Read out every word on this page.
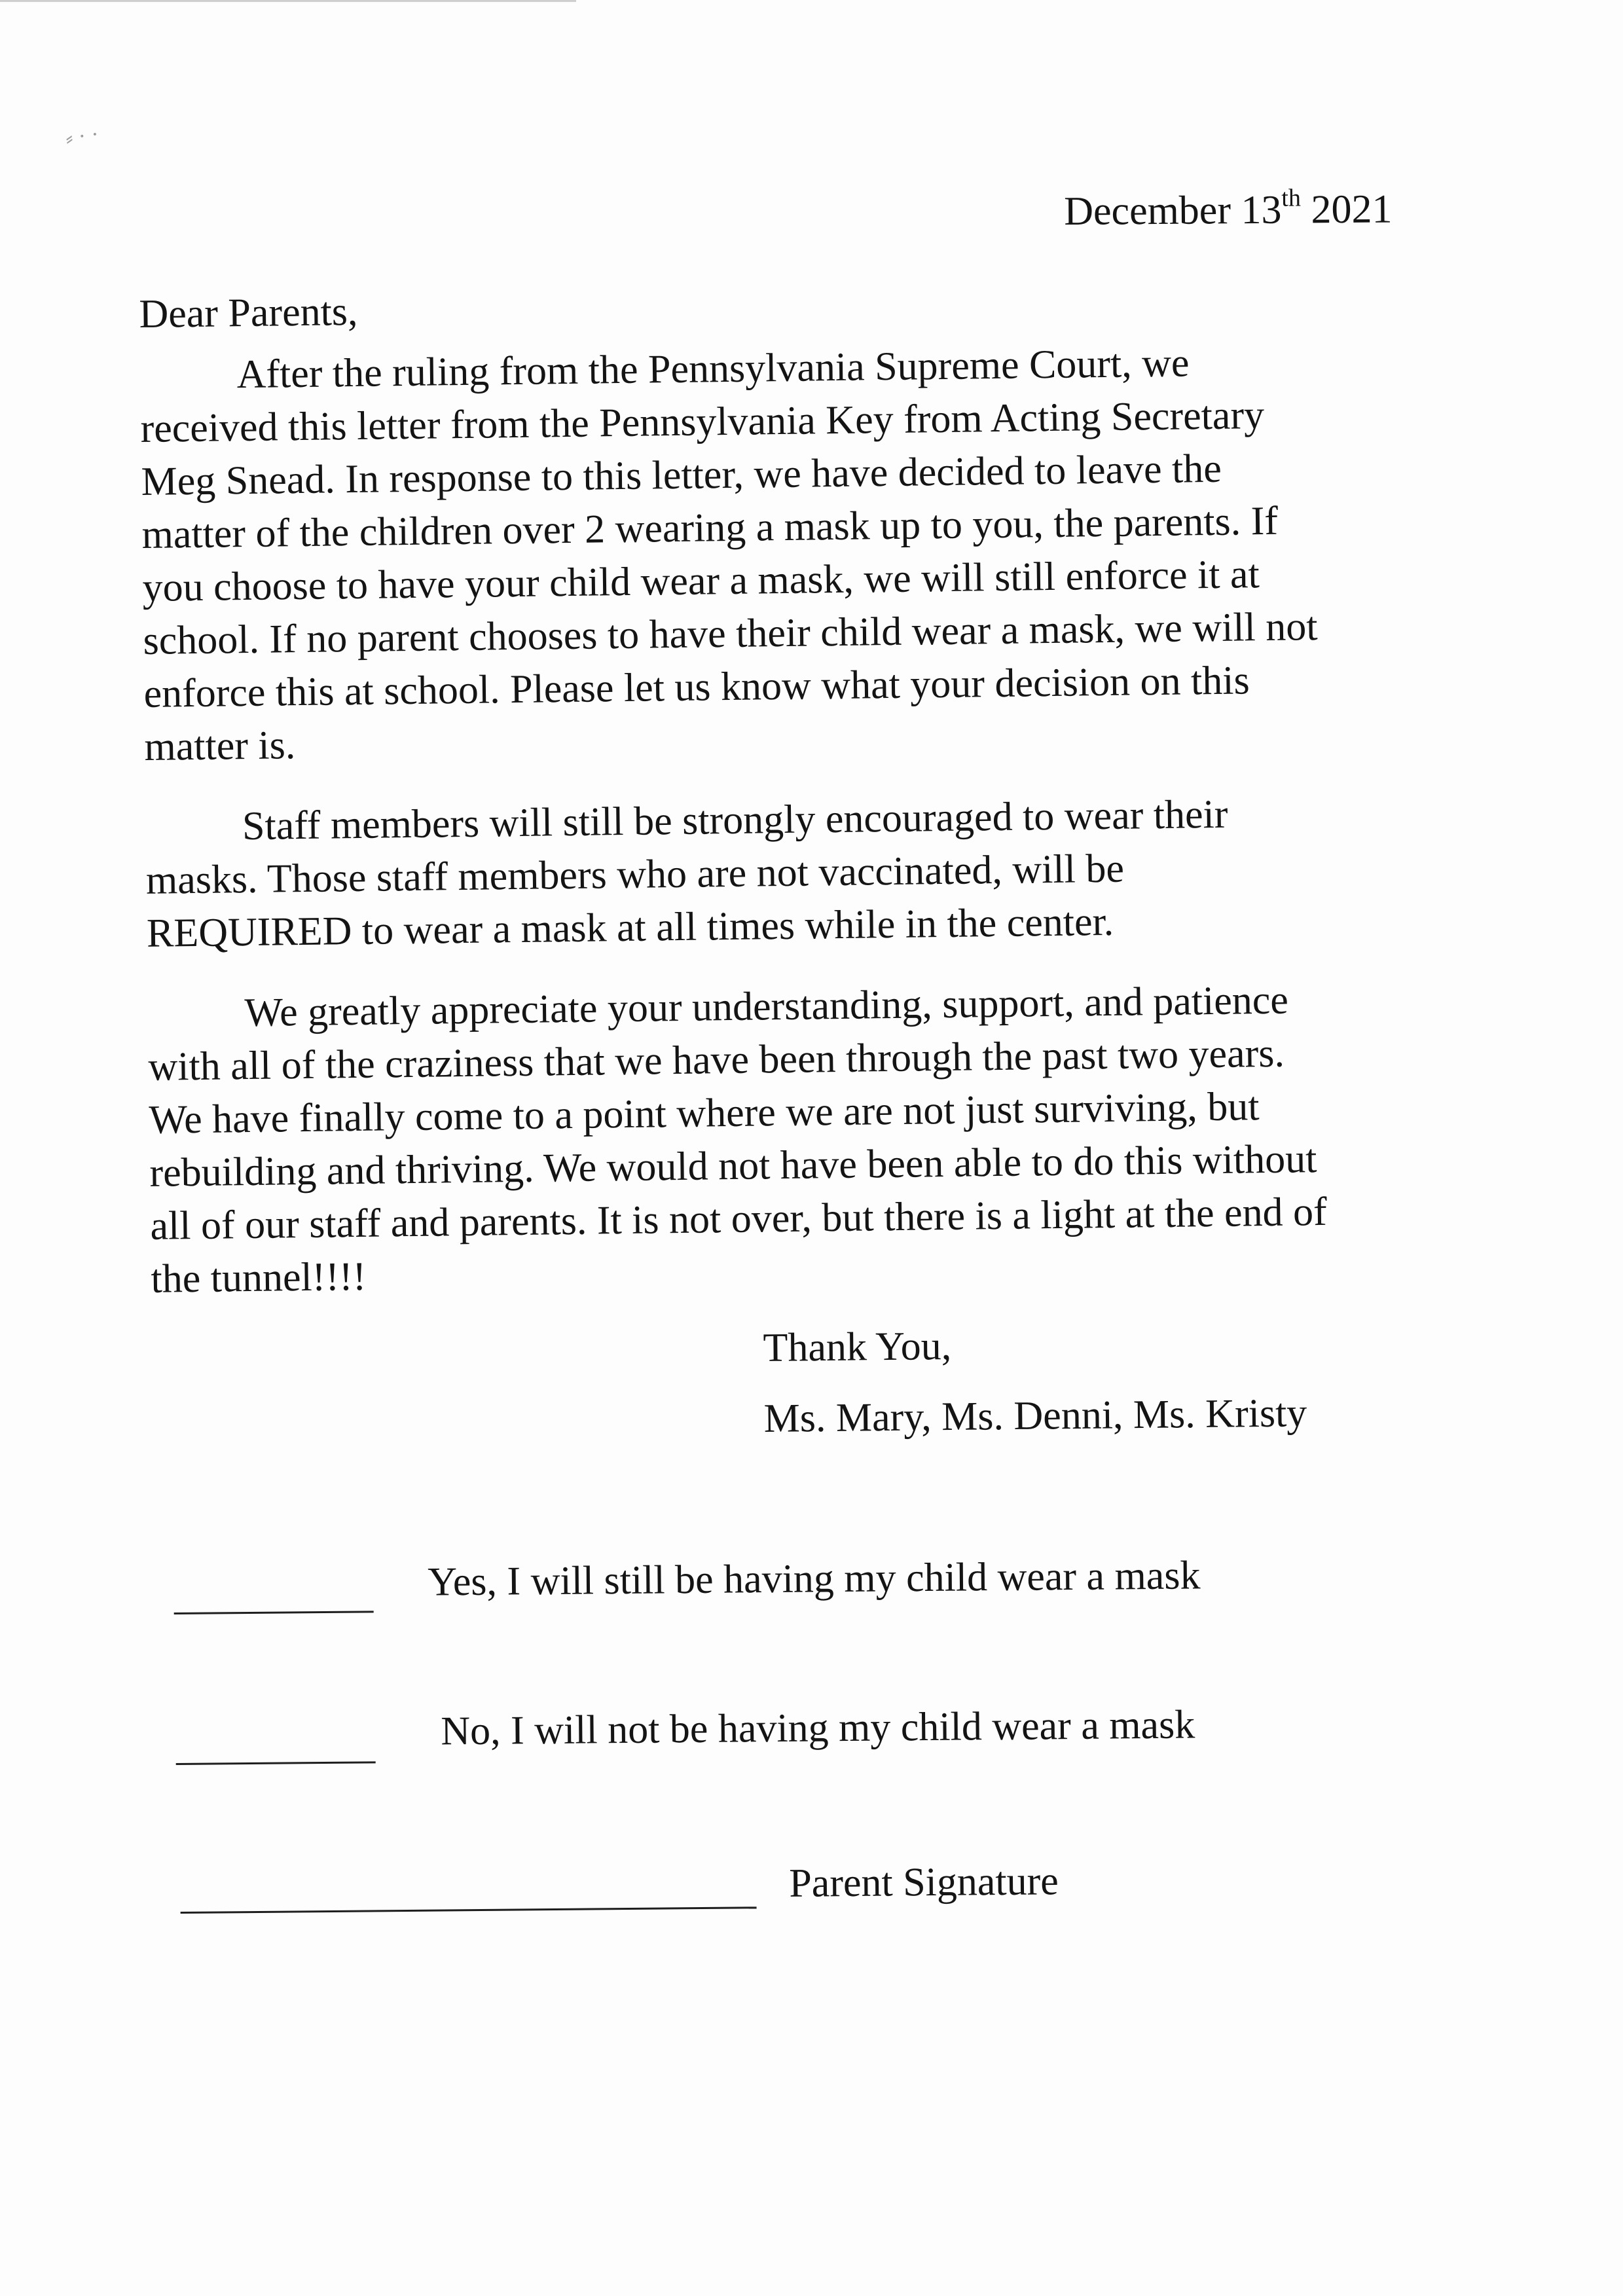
⸗ · ·
December 13th 2021
Dear Parents,
After the ruling from the Pennsylvania Supreme Court, we
received this letter from the Pennsylvania Key from Acting Secretary
Meg Snead. In response to this letter, we have decided to leave the
matter of the children over 2 wearing a mask up to you, the parents. If
you choose to have your child wear a mask, we will still enforce it at
school. If no parent chooses to have their child wear a mask, we will not
enforce this at school. Please let us know what your decision on this
matter is.
Staff members will still be strongly encouraged to wear their
masks. Those staff members who are not vaccinated, will be
REQUIRED to wear a mask at all times while in the center.
We greatly appreciate your understanding, support, and patience
with all of the craziness that we have been through the past two years.
We have finally come to a point where we are not just surviving, but
rebuilding and thriving. We would not have been able to do this without
all of our staff and parents. It is not over, but there is a light at the end of
the tunnel!!!!
Thank You,
Ms. Mary, Ms. Denni, Ms. Kristy
Yes, I will still be having my child wear a mask
No, I will not be having my child wear a mask
Parent Signature
